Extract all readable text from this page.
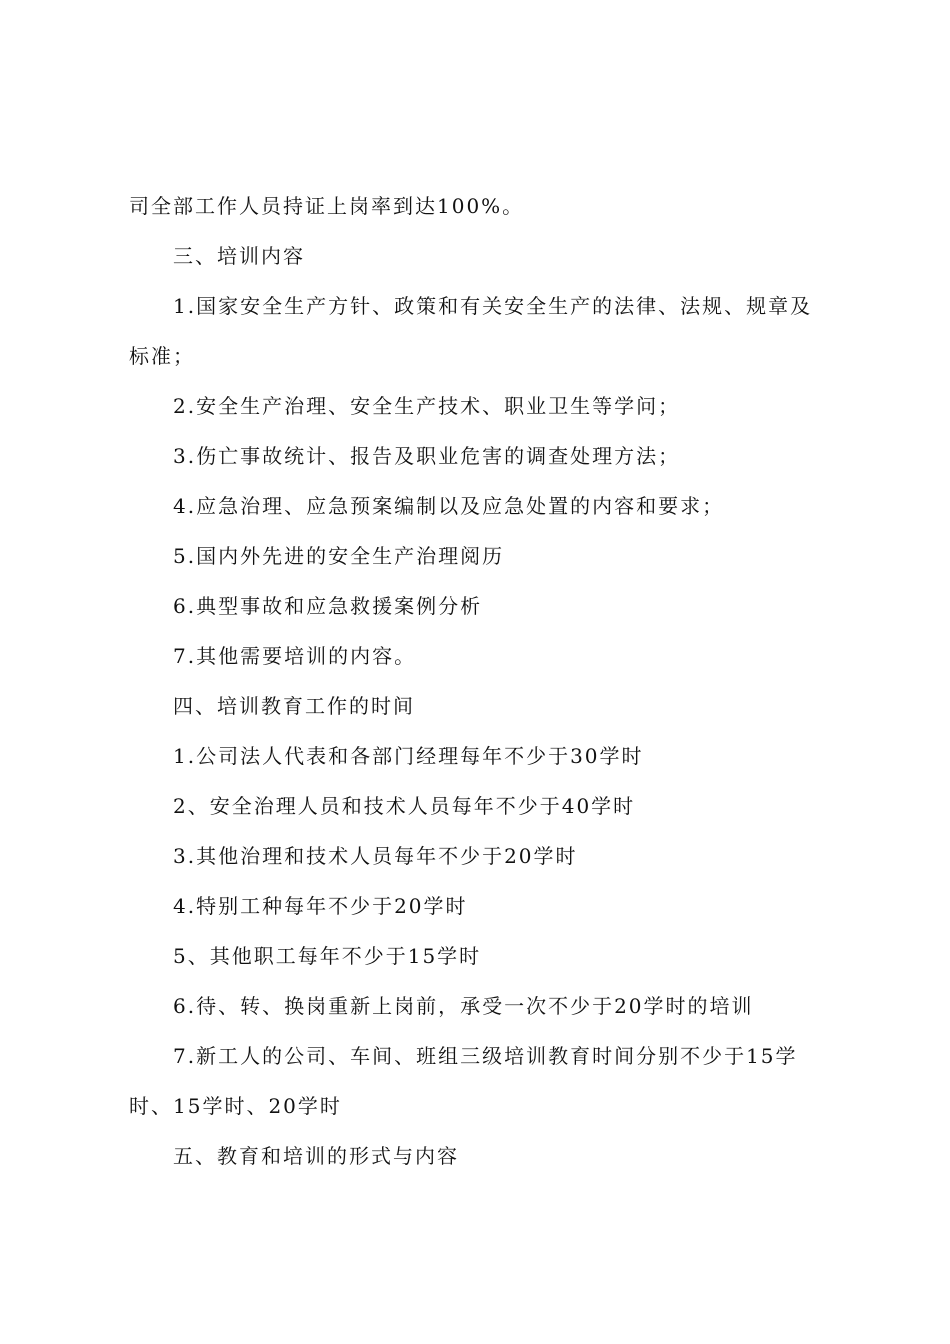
司全部工作人员持证上岗率到达100%。
三、培训内容
1.国家安全生产方针、政策和有关安全生产的法律、法规、规章及
标准；
2.安全生产治理、安全生产技术、职业卫生等学问；
3.伤亡事故统计、报告及职业危害的调查处理方法；
4.应急治理、应急预案编制以及应急处置的内容和要求；
5.国内外先进的安全生产治理阅历
6.典型事故和应急救援案例分析
7.其他需要培训的内容。
四、培训教育工作的时间
1.公司法人代表和各部门经理每年不少于30学时
2、安全治理人员和技术人员每年不少于40学时
3.其他治理和技术人员每年不少于20学时
4.特别工种每年不少于20学时
5、其他职工每年不少于15学时
6.待、转、换岗重新上岗前，承受一次不少于20学时的培训
7.新工人的公司、车间、班组三级培训教育时间分别不少于15学
时、15学时、20学时
五、教育和培训的形式与内容
